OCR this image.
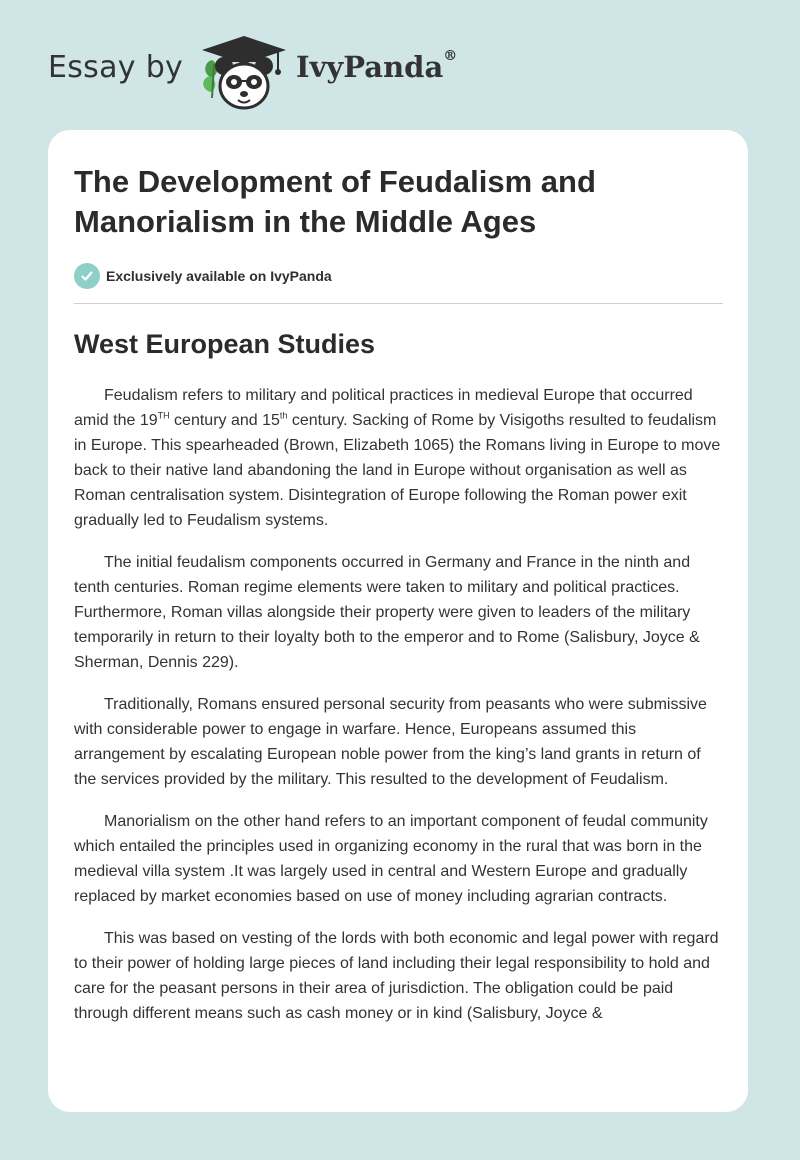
Essay by	IvyPanda®
The Development of Feudalism and Manorialism in the Middle Ages
Exclusively available on IvyPanda
West European Studies

Feudalism refers to military and political practices in medieval Europe that occurred amid the 19TH century and 15th century. Sacking of Rome by Visigoths resulted to feudalism in Europe. This spearheaded (Brown, Elizabeth 1065) the Romans living in Europe to move back to their native land abandoning the land in Europe without organisation as well as Roman centralisation system. Disintegration of Europe following the Roman power exit gradually led to Feudalism systems.

The initial feudalism components occurred in Germany and France in the ninth and tenth centuries. Roman regime elements were taken to military and political practices. Furthermore, Roman villas alongside their property were given to leaders of the military temporarily in return to their loyalty both to the emperor and to Rome (Salisbury, Joyce & Sherman, Dennis 229).

Traditionally, Romans ensured personal security from peasants who were submissive with considerable power to engage in warfare. Hence, Europeans assumed this arrangement by escalating European noble power from the king’s land grants in return of the services provided by the military. This resulted to the development of Feudalism.

Manorialism on the other hand refers to an important component of feudal community which entailed the principles used in organizing economy in the rural that was born in the medieval villa system .It was largely used in central and Western Europe and gradually replaced by market economies based on use of money including agrarian contracts.

This was based on vesting of the lords with both economic and legal power with regard to their power of holding large pieces of land including their legal responsibility to hold and care for the peasant persons in their area of jurisdiction. The obligation could be paid through different means such as cash money or in kind (Salisbury, Joyce &
